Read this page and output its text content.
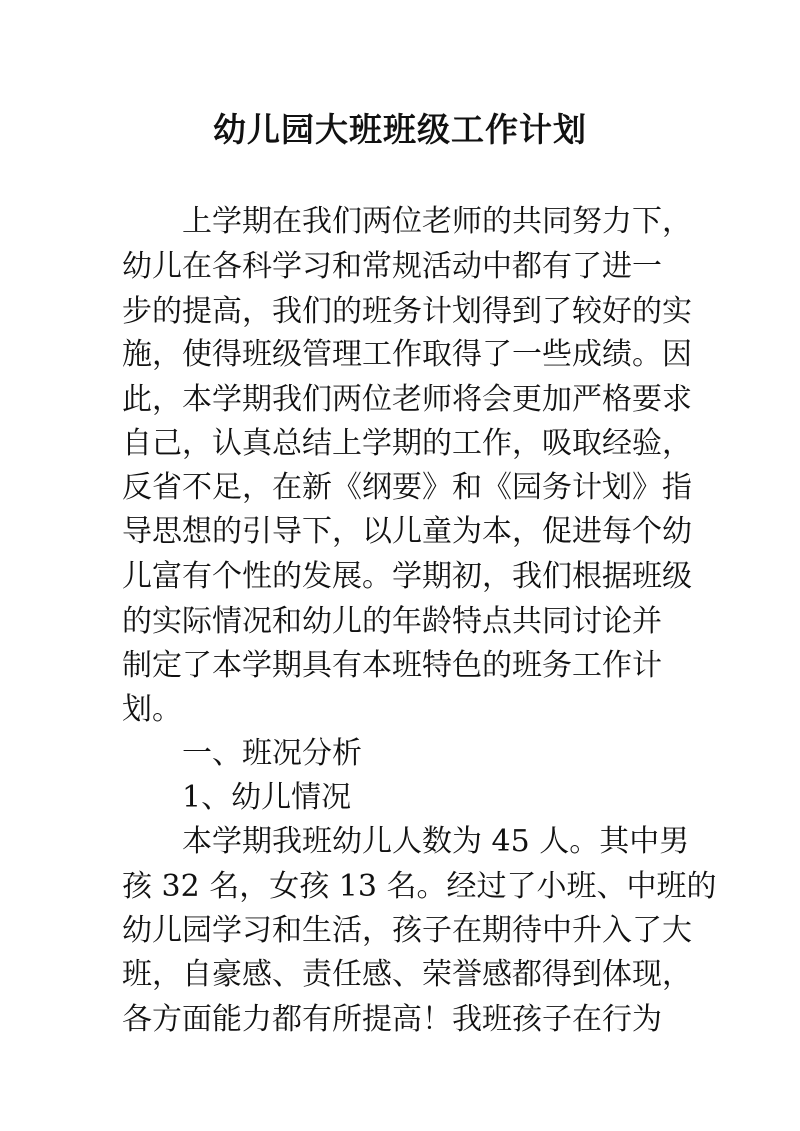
幼儿园大班班级工作计划

上学期在我们两位老师的共同努力下，

幼儿在各科学习和常规活动中都有了进一

步的提高，我们的班务计划得到了较好的实

施，使得班级管理工作取得了一些成绩。因

此，本学期我们两位老师将会更加严格要求

自己，认真总结上学期的工作，吸取经验，

反省不足，在新《纲要》和《园务计划》指

导思想的引导下，以儿童为本，促进每个幼

儿富有个性的发展。学期初，我们根据班级

的实际情况和幼儿的年龄特点共同讨论并

制定了本学期具有本班特色的班务工作计

划。

一、班况分析

1、幼儿情况

本学期我班幼儿人数为 45 人。其中男

孩 32 名，女孩 13 名。经过了小班、中班的

幼儿园学习和生活，孩子在期待中升入了大

班，自豪感、责任感、荣誉感都得到体现，

各方面能力都有所提高！我班孩子在行为
